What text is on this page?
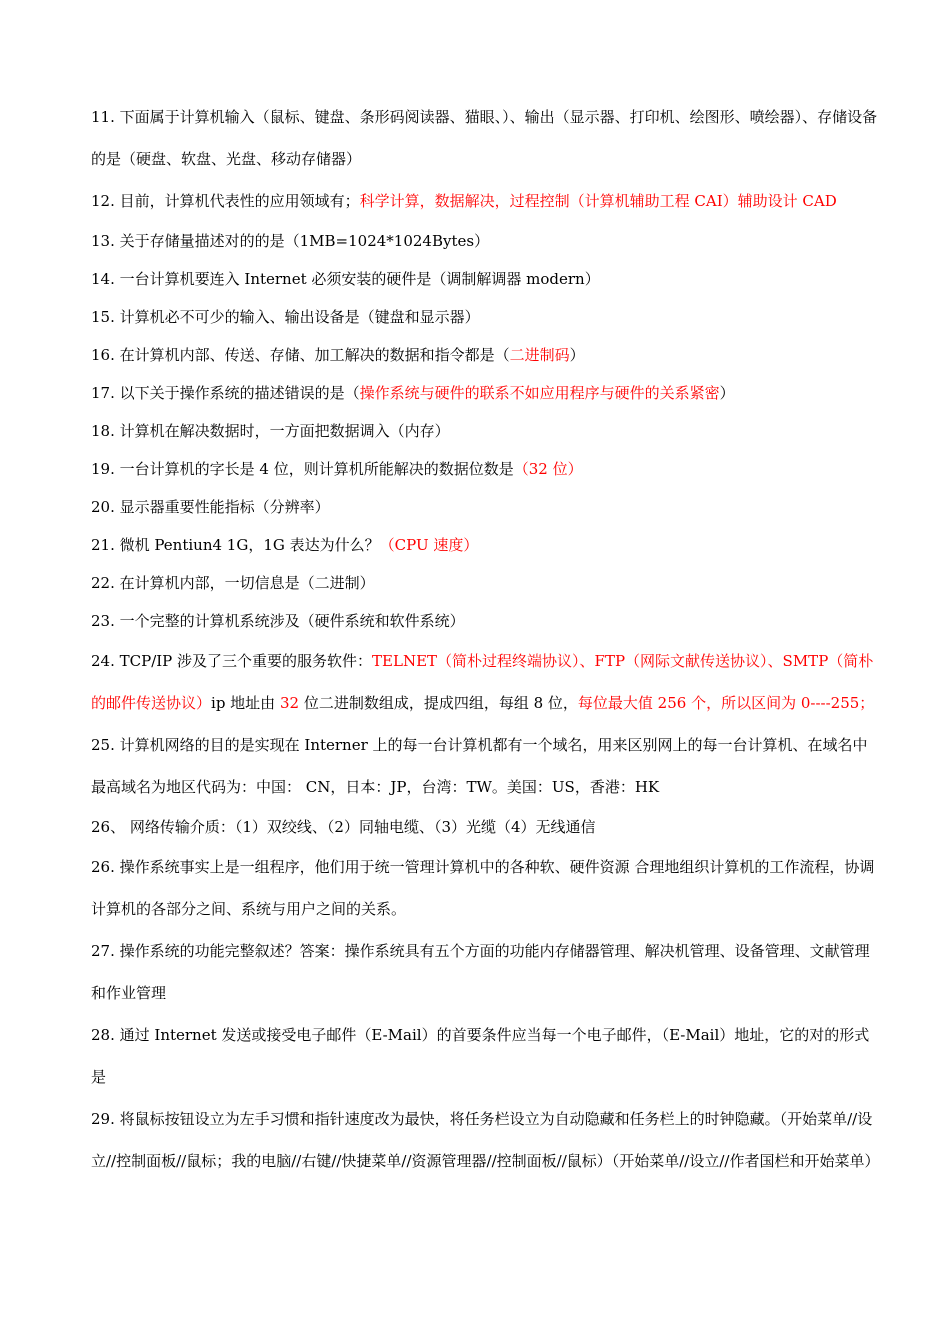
11. 下面属于计算机输入（鼠标、键盘、条形码阅读器、猫眼、）、输出（显示器、打印机、绘图形、喷绘器）、存储设备的是（硬盘、软盘、光盘、移动存储器）

12. 目前，计算机代表性的应用领域有；科学计算，数据解决，过程控制（计算机辅助工程 CAI）辅助设计 CAD

13. 关于存储量描述对的的是（1MB=1024*1024Bytes）

14. 一台计算机要连入 Internet 必须安装的硬件是（调制解调器 modern）

15. 计算机必不可少的输入、输出设备是（键盘和显示器）

16. 在计算机内部、传送、存储、加工解决的数据和指令都是（二进制码）

17. 以下关于操作系统的描述错误的是（操作系统与硬件的联系不如应用程序与硬件的关系紧密）

18. 计算机在解决数据时，一方面把数据调入（内存）

19. 一台计算机的字长是 4 位，则计算机所能解决的数据位数是（32 位）

20. 显示器重要性能指标（分辨率）

21. 微机 Pentiun4 1G，1G 表达为什么？（CPU 速度）

22. 在计算机内部，一切信息是（二进制）

23. 一个完整的计算机系统涉及（硬件系统和软件系统）

24. TCP/IP 涉及了三个重要的服务软件：TELNET（简朴过程终端协议）、FTP（网际文献传送协议）、SMTP（简朴的邮件传送协议）ip 地址由 32 位二进制数组成，提成四组，每组 8 位，每位最大值 256 个，所以区间为 0----255；

25. 计算机网络的目的是实现在 Interner 上的每一台计算机都有一个域名，用来区别网上的每一台计算机、在域名中最高域名为地区代码为：中国： CN，日本：JP，台湾：TW。美国：US，香港：HK

26、 网络传输介质：（1）双绞线、（2）同轴电缆、（3）光缆（4）无线通信

26. 操作系统事实上是一组程序，他们用于统一管理计算机中的各种软、硬件资源 合理地组织计算机的工作流程，协调计算机的各部分之间、系统与用户之间的关系。

27. 操作系统的功能完整叙述？答案：操作系统具有五个方面的功能内存储器管理、解决机管理、设备管理、文献管理和作业管理

28. 通过 Internet 发送或接受电子邮件（E-Mail）的首要条件应当每一个电子邮件，（E-Mail）地址，它的对的形式是

29. 将鼠标按钮设立为左手习惯和指针速度改为最快，将任务栏设立为自动隐藏和任务栏上的时钟隐藏。（开始菜单//设立//控制面板//鼠标；我的电脑//右键//快捷菜单//资源管理器//控制面板//鼠标）（开始菜单//设立//作者国栏和开始菜单）
